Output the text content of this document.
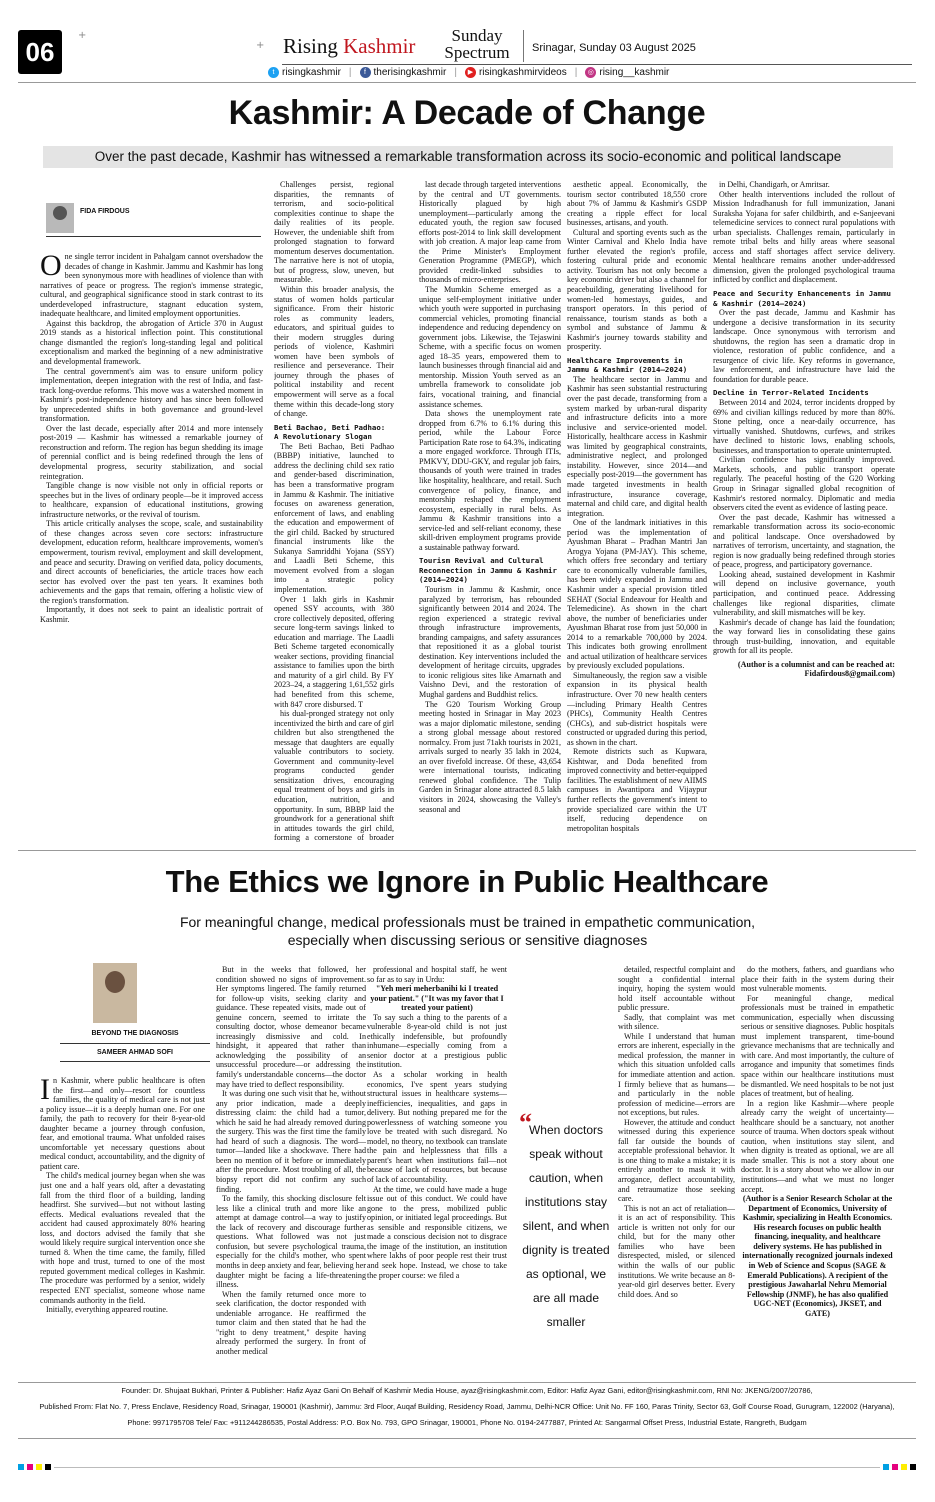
06
+
+ Rising Kashmir	Sunday
Spectrum	Srinagar, Sunday 03 August 2025
t risingkashmir |	f therisingkashmir |	▶ risingkashmirvideos |	◎ rising__kashmir
Kashmir: A Decade of Change
Over the past decade, Kashmir has witnessed a remarkable transformation across its socio-economic and political landscape
FIDA FIRDOUS

One single terror incident in Pahalgam cannot overshadow the decades of change in Kashmir. Jammu and Kashmir has long been synonymous more with headlines of violence than with narratives of peace or progress. The region's immense strategic, cultural, and geographical significance stood in stark contrast to its underdeveloped infrastructure, stagnant education system, inadequate healthcare, and limited employment opportunities.

Against this backdrop, the abrogation of Article 370 in August 2019 stands as a historical inflection point. This constitutional change dismantled the region's long-standing legal and political exceptionalism and marked the beginning of a new administrative and developmental framework.

The central government's aim was to ensure uniform policy implementation, deepen integration with the rest of India, and fast-track long-overdue reforms. This move was a watershed moment in Kashmir's post-independence history and has since been followed by unprecedented shifts in both governance and ground-level transformation.

Over the last decade, especially after 2014 and more intensely post-2019 — Kashmir has witnessed a remarkable journey of reconstruction and reform. The region has begun shedding its image of perennial conflict and is being redefined through the lens of developmental progress, security stabilization, and social reintegration.

Tangible change is now visible not only in official reports or speeches but in the lives of ordinary people—be it improved access to healthcare, expansion of educational institutions, growing infrastructure networks, or the revival of tourism.

This article critically analyses the scope, scale, and sustainability of these changes across seven core sectors: infrastructure development, education reform, healthcare improvements, women's empowerment, tourism revival, employment and skill development, and peace and security. Drawing on verified data, policy documents, and direct accounts of beneficiaries, the article traces how each sector has evolved over the past ten years. It examines both achievements and the gaps that remain, offering a holistic view of the region's transformation.

Importantly, it does not seek to paint an idealistic portrait of Kashmir.

Challenges persist, regional disparities, the remnants of terrorism, and socio-political complexities continue to shape the daily realities of its people. However, the undeniable shift from prolonged stagnation to forward momentum deserves documentation. The narrative here is not of utopia, but of progress, slow, uneven, but measurable.

Within this broader analysis, the status of women holds particular significance. From their historic roles as community leaders, educators, and spiritual guides to their modern struggles during periods of violence, Kashmiri women have been symbols of resilience and perseverance. Their journey through the phases of political instability and recent empowerment will serve as a focal theme within this decade-long story of change.

Beti Bachao, Beti Padhao: A Revolutionary Slogan

The Beti Bachao, Beti Padhao (BBBP) initiative, launched to address the declining child sex ratio and gender-based discrimination, has been a transformative program in Jammu & Kashmir. The initiative focuses on awareness generation, enforcement of laws, and enabling the education and empowerment of the girl child. Backed by structured financial instruments like the Sukanya Samriddhi Yojana (SSY) and Laadli Beti Scheme, this movement evolved from a slogan into a strategic policy implementation.

Over 1 lakh girls in Kashmir opened SSY accounts, with 380 crore collectively deposited, offering secure long-term savings linked to education and marriage. The Laadli Beti Scheme targeted economically weaker sections, providing financial assistance to families upon the birth and maturity of a girl child. By FY 2023–24, a staggering 1,61,552 girls had benefited from this scheme, with 847 crore disbursed. T

his dual-pronged strategy not only incentivized the birth and care of girl children but also strengthened the message that daughters are equally valuable contributors to society. Government and community-level programs conducted gender sensitization drives, encouraging equal treatment of boys and girls in education, nutrition, and opportunity. In sum, BBBP laid the groundwork for a generational shift in attitudes towards the girl child, forming a cornerstone of broader

last decade through targeted interventions by the central and UT governments. Historically plagued by high unemployment—particularly among the educated youth, the region saw focused efforts post-2014 to link skill development with job creation. A major leap came from the Prime Minister's Employment Generation Programme (PMEGP), which provided credit-linked subsidies to thousands of micro-enterprises.

The Mumkin Scheme emerged as a unique self-employment initiative under which youth were supported in purchasing commercial vehicles, promoting financial independence and reducing dependency on government jobs. Likewise, the Tejaswini Scheme, with a specific focus on women aged 18–35 years, empowered them to launch businesses through financial aid and mentorship. Mission Youth served as an umbrella framework to consolidate job fairs, vocational training, and financial assistance schemes.

Data shows the unemployment rate dropped from 6.7% to 6.1% during this period, while the Labour Force Participation Rate rose to 64.3%, indicating a more engaged workforce. Through ITIs, PMKVY, DDU-GKY, and regular job fairs, thousands of youth were trained in trades like hospitality, healthcare, and retail. Such convergence of policy, finance, and mentorship reshaped the employment ecosystem, especially in rural belts. As Jammu & Kashmir transitions into a service-led and self-reliant economy, these skill-driven employment programs provide a sustainable pathway forward.

Tourism Revival and Cultural Reconnection in Jammu & Kashmir (2014–2024)

Tourism in Jammu & Kashmir, once paralyzed by terrorism, has rebounded significantly between 2014 and 2024. The region experienced a strategic revival through infrastructure improvements, branding campaigns, and safety assurances that repositioned it as a global tourist destination. Key interventions included the development of heritage circuits, upgrades to iconic religious sites like Amarnath and Vaishno Devi, and the restoration of Mughal gardens and Buddhist relics.

The G20 Tourism Working Group meeting hosted in Srinagar in May 2023 was a major diplomatic milestone, sending a strong global message about restored normalcy. From just 71akh tourists in 2021, arrivals surged to nearly 35 lakh in 2024, an over fivefold increase. Of these, 43,654 were international tourists, indicating renewed global confidence. The Tulip Garden in Srinagar alone attracted 8.5 lakh visitors in 2024, showcasing the Valley's seasonal and

aesthetic appeal. Economically, the tourism sector contributed 18,550 crore about 7% of Jammu & Kashmir's GSDP creating a ripple effect for local businesses, artisans, and youth.

Cultural and sporting events such as the Winter Carnival and Khelo India have further elevated the region's profile, fostering cultural pride and economic activity. Tourism has not only become a key economic driver but also a channel for peacebuilding, generating livelihood for women-led homestays, guides, and transport operators. In this period of renaissance, tourism stands as both a symbol and substance of Jammu & Kashmir's journey towards stability and prosperity.

Healthcare Improvements in Jammu & Kashmir (2014–2024)

The healthcare sector in Jammu and Kashmir has seen substantial restructuring over the past decade, transforming from a system marked by urban-rural disparity and infrastructure deficits into a more inclusive and service-oriented model. Historically, healthcare access in Kashmir was limited by geographical constraints, administrative neglect, and prolonged instability. However, since 2014—and especially post-2019—the government has made targeted investments in health infrastructure, insurance coverage, maternal and child care, and digital health integration.

One of the landmark initiatives in this period was the implementation of Ayushman Bharat – Pradhan Mantri Jan Arogya Yojana (PM-JAY). This scheme, which offers free secondary and tertiary care to economically vulnerable families, has been widely expanded in Jammu and Kashmir under a special provision titled SEHAT (Social Endeavour for Health and Telemedicine). As shown in the chart above, the number of beneficiaries under Ayushman Bharat rose from just 50,000 in 2014 to a remarkable 700,000 by 2024. This indicates both growing enrollment and actual utilization of healthcare services by previously excluded populations.

Simultaneously, the region saw a visible expansion in its physical health infrastructure. Over 70 new health centers—including Primary Health Centres (PHCs), Community Health Centres (CHCs), and sub-district hospitals were constructed or upgraded during this period, as shown in the chart.

Remote districts such as Kupwara, Kishtwar, and Doda benefited from improved connectivity and better-equipped facilities. The establishment of new AIIMS campuses in Awantipora and Vijaypur further reflects the government's intent to provide specialized care within the UT itself, reducing dependence on metropolitan hospitals

in Delhi, Chandigarh, or Amritsar.

Other health interventions included the rollout of Mission Indradhanush for full immunization, Janani Suraksha Yojana for safer childbirth, and e-Sanjeevani telemedicine services to connect rural populations with urban specialists. Challenges remain, particularly in remote tribal belts and hilly areas where seasonal access and staff shortages affect service delivery. Mental healthcare remains another under-addressed dimension, given the prolonged psychological trauma inflicted by conflict and displacement.

Peace and Security Enhancements in Jammu & Kashmir (2014–2024)

Over the past decade, Jammu and Kashmir has undergone a decisive transformation in its security landscape. Once synonymous with terrorism and shutdowns, the region has seen a dramatic drop in violence, restoration of public confidence, and a resurgence of civic life. Key reforms in governance, law enforcement, and infrastructure have laid the foundation for durable peace.

Decline in Terror-Related Incidents

Between 2014 and 2024, terror incidents dropped by 69% and civilian killings reduced by more than 80%. Stone pelting, once a near-daily occurrence, has virtually vanished. Shutdowns, curfews, and strikes have declined to historic lows, enabling schools, businesses, and transportation to operate uninterrupted.

Civilian confidence has significantly improved. Markets, schools, and public transport operate regularly. The peaceful hosting of the G20 Working Group in Srinagar signalled global recognition of Kashmir's restored normalcy. Diplomatic and media observers cited the event as evidence of lasting peace.

Over the past decade, Kashmir has witnessed a remarkable transformation across its socio-economic and political landscape. Once overshadowed by narratives of terrorism, uncertainty, and stagnation, the region is now gradually being redefined through stories of peace, progress, and participatory governance.

Looking ahead, sustained development in Kashmir will depend on inclusive governance, youth participation, and continued peace. Addressing challenges like regional disparities, climate vulnerability, and skill mismatches will be key.

Kashmir's decade of change has laid the foundation; the way forward lies in consolidating these gains through trust-building, innovation, and equitable growth for all its people.

(Author is a columnist and can be reached at: Fidafirdous8@gmail.com)

The Ethics we Ignore in Public Healthcare
For meaningful change, medical professionals must be trained in empathetic communication,
especially when discussing serious or sensitive diagnoses
BEYOND THE DIAGNOSIS
SAMEER AHMAD SOFI

In Kashmir, where public healthcare is often the first—and only—resort for countless families, the quality of medical care is not just a policy issue—it is a deeply human one. For one family, the path to recovery for their 8-year-old daughter became a journey through confusion, fear, and emotional trauma. What unfolded raises uncomfortable yet necessary questions about medical conduct, accountability, and the dignity of patient care.

The child's medical journey began when she was just one and a half years old, after a devastating fall from the third floor of a building, landing headfirst. She survived—but not without lasting effects. Medical evaluations revealed that the accident had caused approximately 80% hearing loss, and doctors advised the family that she would likely require surgical intervention once she turned 8. When the time came, the family, filled with hope and trust, turned to one of the most reputed government medical colleges in Kashmir. The procedure was performed by a senior, widely respected ENT specialist, someone whose name commands authority in the field.

Initially, everything appeared routine.

But in the weeks that followed, her condition showed no signs of improvement. Her symptoms lingered. The family returned for follow-up visits, seeking clarity and guidance. These repeated visits, made out of genuine concern, seemed to irritate the consulting doctor, whose demeanor became increasingly dismissive and cold. In hindsight, it appeared that rather than acknowledging the possibility of an unsuccessful procedure—or addressing the family's understandable concerns—the doctor may have tried to deflect responsibility.

It was during one such visit that he, without any prior indication, made a deeply distressing claim: the child had a tumor, which he said he had already removed during the surgery. This was the first time the family had heard of such a diagnosis. The word—tumor—landed like a shockwave. There had been no mention of it before or immediately after the procedure. Most troubling of all, the biopsy report did not confirm any such finding.

To the family, this shocking disclosure felt less like a clinical truth and more like an attempt at damage control—a way to justify the lack of recovery and discourage further questions. What followed was not just confusion, but severe psychological trauma, especially for the child's mother, who spent months in deep anxiety and fear, believing her daughter might be facing a life-threatening illness.

When the family returned once more to seek clarification, the doctor responded with undeniable arrogance. He reaffirmed the tumor claim and then stated that he had the "right to deny treatment," despite having already performed the surgery. In front of another medical

professional and hospital staff, he went so far as to say in Urdu:

"Yeh meri meherbanihi ki I treated your patient." ("It was my favor that I treated your patient)

To say such a thing to the parents of a vulnerable 8-year-old child is not just ethically indefensible, but profoundly inhumane—especially coming from a senior doctor at a prestigious public institution.

As a scholar working in health economics, I've spent years studying structural issues in healthcare systems—inefficiencies, inequalities, and gaps in delivery. But nothing prepared me for the powerlessness of watching someone you love be treated with such disregard. No model, no theory, no textbook can translate the pain and helplessness that fills a parent's heart when institutions fail—not because of lack of resources, but because of lack of accountability.

At the time, we could have made a huge issue out of this conduct. We could have gone to the press, mobilized public opinion, or initiated legal proceedings. But as sensible and responsible citizens, we made a conscious decision not to disgrace the image of the institution, an institution where lakhs of poor people rest their trust and seek hope. Instead, we chose to take the proper course: we filed a

“
When doctors speak without caution, when institutions stay silent, and when dignity is treated as optional, we are all made smaller

detailed, respectful complaint and sought a confidential internal inquiry, hoping the system would hold itself accountable without public pressure.

Sadly, that complaint was met with silence.

While I understand that human errors are inherent, especially in the medical profession, the manner in which this situation unfolded calls for immediate attention and action. I firmly believe that as humans—and particularly in the noble profession of medicine—errors are not exceptions, but rules.

However, the attitude and conduct witnessed during this experience fall far outside the bounds of acceptable professional behavior. It is one thing to make a mistake; it is entirely another to mask it with arrogance, deflect accountability, and retraumatize those seeking care.

This is not an act of retaliation—it is an act of responsibility. This article is written not only for our child, but for the many other families who have been disrespected, misled, or silenced within the walls of our public institutions. We write because an 8-year-old girl deserves better. Every child does. And so

do the mothers, fathers, and guardians who place their faith in the system during their most vulnerable moments.

For meaningful change, medical professionals must be trained in empathetic communication, especially when discussing serious or sensitive diagnoses. Public hospitals must implement transparent, time-bound grievance mechanisms that are technically and with care. And most importantly, the culture of arrogance and impunity that sometimes finds space within our healthcare institutions must be dismantled. We need hospitals to be not just places of treatment, but of healing.

In a region like Kashmir—where people already carry the weight of uncertainty—healthcare should be a sanctuary, not another source of trauma. When doctors speak without caution, when institutions stay silent, and when dignity is treated as optional, we are all made smaller. This is not a story about one doctor. It is a story about who we allow in our institutions—and what we must no longer accept.

(Author is a Senior Research Scholar at the Department of Economics, University of Kashmir, specializing in Health Economics. His research focuses on public health financing, inequality, and healthcare delivery systems. He has published in internationally recognized journals indexed in Web of Science and Scopus (SAGE & Emerald Publications). A recipient of the prestigious Jawaharlal Nehru Memorial Fellowship (JNMF), he has also qualified UGC-NET (Economics), JKSET, and GATE)

Founder: Dr. Shujaat Bukhari, Printer & Publisher: Hafiz Ayaz Gani On Behalf of Kashmir Media House, ayaz@risingkashmir.com, Editor: Hafiz Ayaz Gani, editor@risingkashmir.com, RNI No: JKENG/2007/20786,
Published From: Flat No. 7, Press Enclave, Residency Road, Srinagar, 190001 (Kashmir), Jammu: 3rd Floor, Auqaf Building, Residency Road, Jammu, Delhi-NCR Office: Unit No. FF 160, Paras Trinity, Sector 63, Golf Course Road, Gurugram, 122002 (Haryana),
Phone: 9971795708 Tele/ Fax: +911244286535, Postal Address: P.O. Box No. 793, GPO Srinagar, 190001, Phone No. 0194-2477887, Printed At: Sangarmal Offset Press, Industrial Estate, Rangreth, Budgam
